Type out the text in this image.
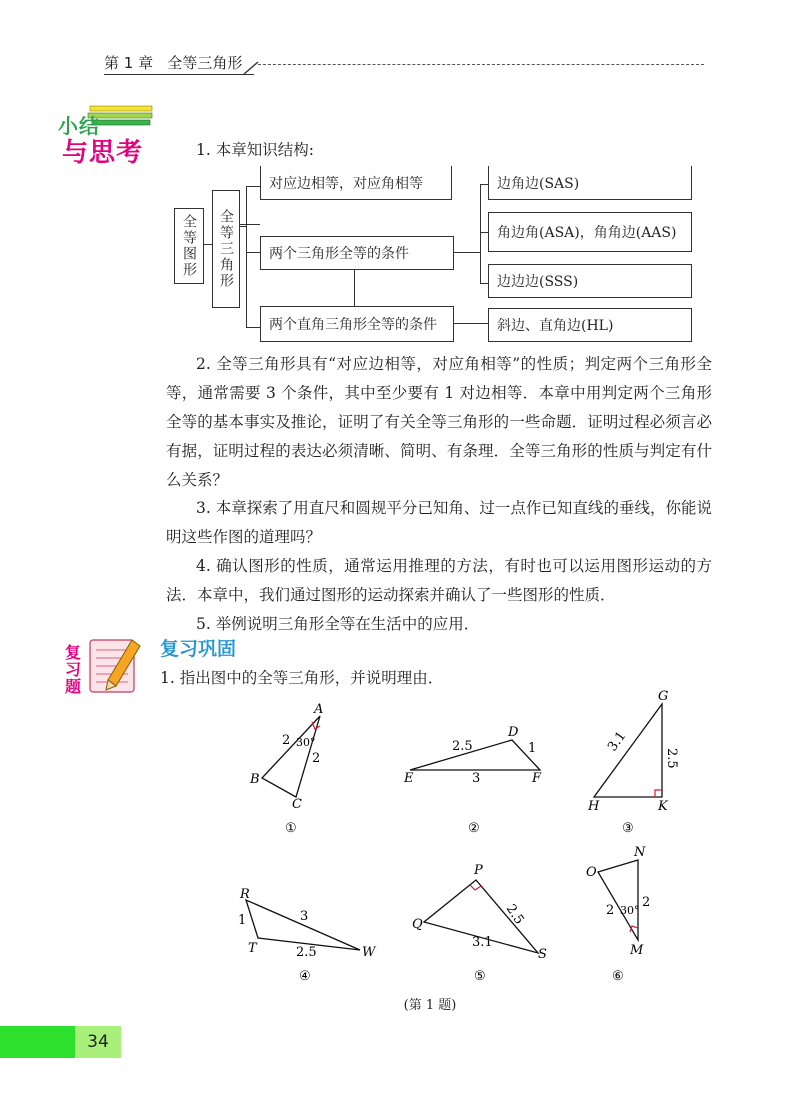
第 1 章 全等三角形
小结
与思考	1. 本章知识结构:
全等图形	全等三角形
对应边相等，对应角相等
两个三角形全等的条件
两个直角三角形全等的条件
边角边(SAS)
角边角(ASA)，角角边(AAS)
边边边(SSS)
斜边、直角边(HL)
2. 全等三角形具有“对应边相等，对应角相等”的性质；判定两个三角形全等，通常需要 3 个条件，其中至少要有 1 对边相等．本章中用判定两个三角形全等的基本事实及推论，证明了有关全等三角形的一些命题．证明过程必须言必有据，证明过程的表达必须清晰、简明、有条理．全等三角形的性质与判定有什么关系？
3. 本章探索了用直尺和圆规平分已知角、过一点作已知直线的垂线，你能说明这些作图的道理吗？
4. 确认图形的性质，通常运用推理的方法，有时也可以运用图形运动的方法．本章中，我们通过图形的运动探索并确认了一些图形的性质．
5. 举例说明三角形全等在生活中的应用．
复习题
复习巩固
1. 指出图中的全等三角形，并说明理由．
A
B
C
2
2
30°
①
D
E	F
2.5	1
3
②
G
H	K
3.1
2.5
③
R
T	W
1	3
2.5
④
P
Q
S
2.5
3.1
⑤
N
O
M
2
2
30°
⑥
(第 1 题)
34
